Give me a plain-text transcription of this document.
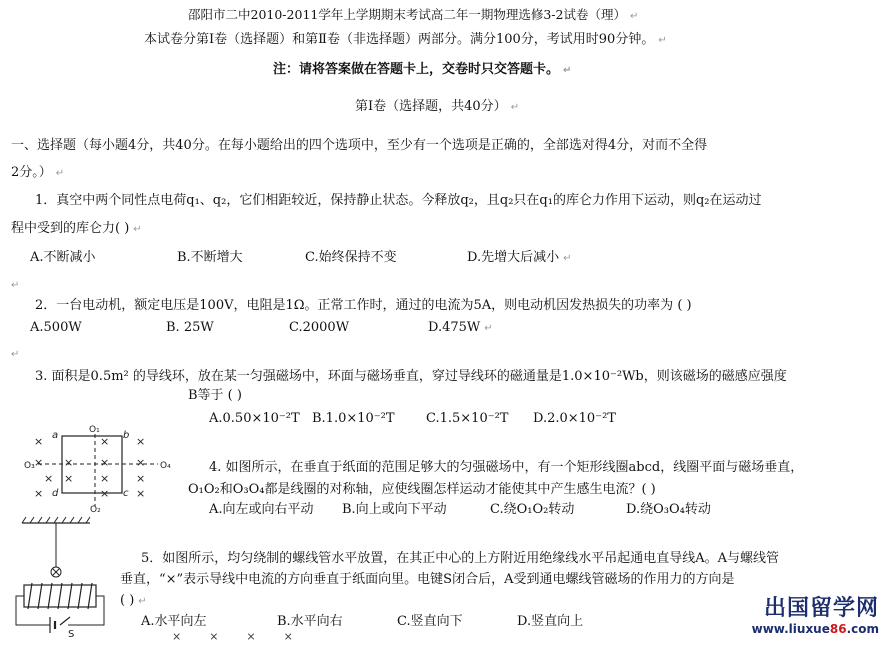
邵阳市二中2010-2011学年上学期期末考试高二年一期物理选修3-2试卷（理） ↵
本试卷分第Ⅰ卷（选择题）和第Ⅱ卷（非选择题）两部分。满分100分，考试用时90分钟。 ↵
注：请将答案做在答题卡上，交卷时只交答题卡。 ↵
第Ⅰ卷（选择题，共40分） ↵
一、选择题（每小题4分，共40分。在每小题给出的四个选项中，至少有一个选项是正确的，全部选对得4分，对而不全得
2分。） ↵
1．真空中两个同性点电荷q₁、q₂，它们相距较近，保持静止状态。今释放q₂，且q₂只在q₁的库仑力作用下运动，则q₂在运动过
程中受到的库仑力( ) ↵
A.不断减小	B.不断增大	C.始终保持不变	D.先增大后减小 ↵
↵
2．一台电动机，额定电压是100V，电阻是1Ω。正常工作时，通过的电流为5A，则电动机因发热损失的功率为 ( )
A.500W	B. 25W	C.2000W	D.475W ↵
↵
3. 面积是0.5m² 的导线环，放在某一匀强磁场中，环面与磁场垂直，穿过导线环的磁通量是1.0×10⁻²Wb，则该磁场的磁感应强度
B等于 ( )
A.0.50×10⁻²T B.1.0×10⁻²T C.1.5×10⁻²T D.2.0×10⁻²T
×	× ×
× × × ×
× × × ×
×	× ×
a	b
c
d
O₁
O₂
O₃	O₄	4. 如图所示，在垂直于纸面的范围足够大的匀强磁场中，有一个矩形线圈abcd，线圈平面与磁场垂直，
O₁O₂和O₃O₄都是线圈的对称轴，应使线圈怎样运动才能使其中产生感生电流？( )
A.向左或向右平动 B.向上或向下平动	C.绕O₁O₂转动	D.绕O₃O₄转动
S
5．如图所示，均匀绕制的螺线管水平放置，在其正中心的上方附近用绝缘线水平吊起通电直导线A。A与螺线管
垂直，“×”表示导线中电流的方向垂直于纸面向里。电键S闭合后，A受到通电螺线管磁场的作用力的方向是
( ) ↵
A.水平向左	B.水平向右	C.竖直向下	D.竖直向上
×        ×        ×        ×
出国留学网
www.liuxue86.com
